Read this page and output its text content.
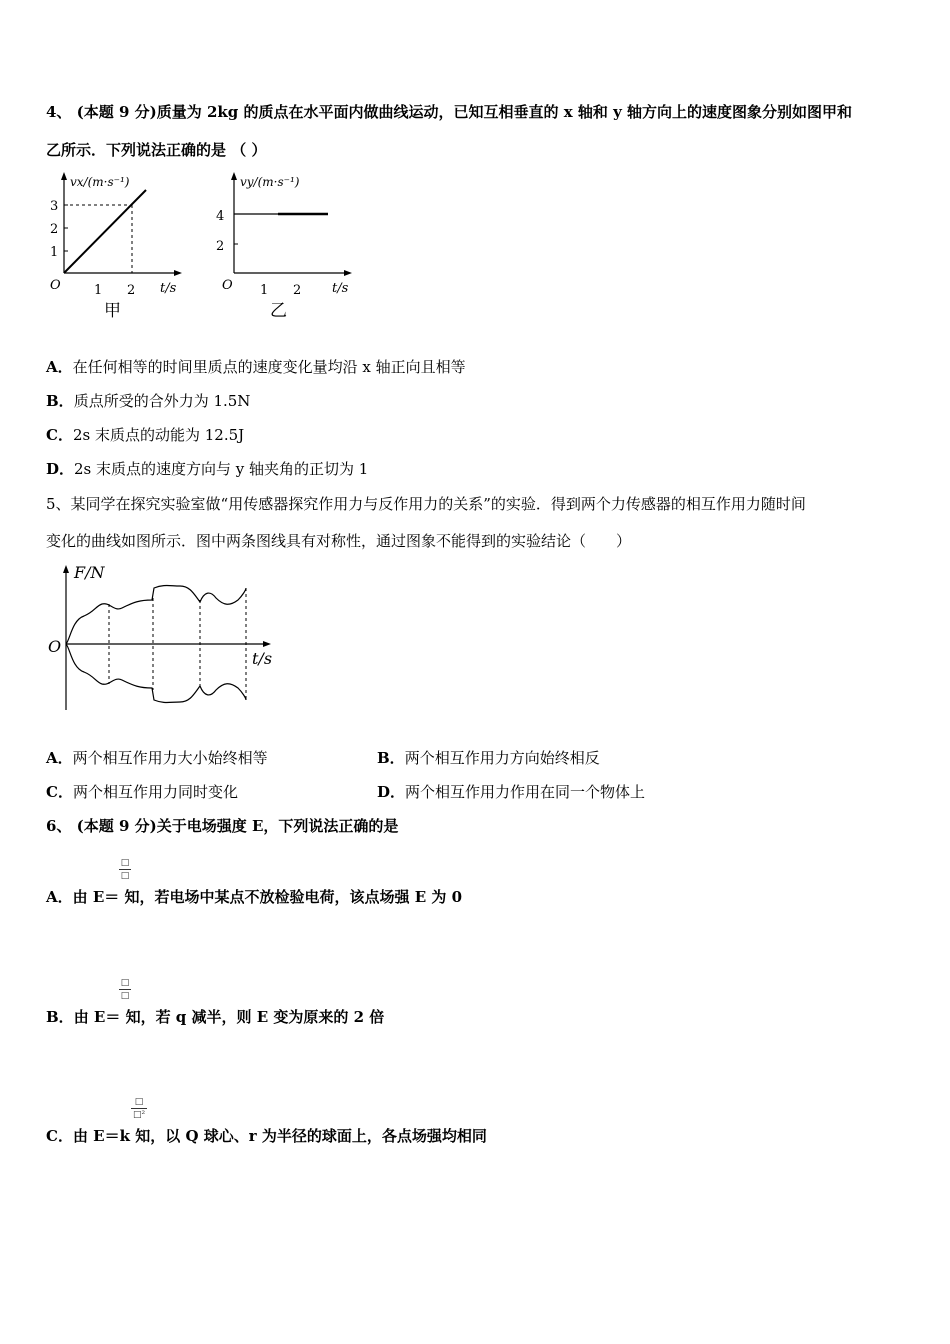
4、 (本题 9 分)质量为 2kg 的质点在水平面内做曲线运动，已知互相垂直的 x 轴和 y 轴方向上的速度图象分别如图甲和
乙所示．下列说法正确的是 （ ）
vx/(m·s⁻¹)
3
2
1
O	1 2 t/s
甲
vy/(m·s⁻¹)
4
2
O 1 2 t/s
乙
A．在任何相等的时间里质点的速度变化量均沿 x 轴正向且相等
B．质点所受的合外力为 1.5N
C．2s 末质点的动能为 12.5J
D．2s 末质点的速度方向与 y 轴夹角的正切为 1
5、某同学在探究实验室做“用传感器探究作用力与反作用力的关系”的实验．得到两个力传感器的相互作用力随时间
变化的曲线如图所示．图中两条图线具有对称性，通过图象不能得到的实验结论（　　）
F/N
O
t/s
A．两个相互作用力大小始终相等	B．两个相互作用力方向始终相反
C．两个相互作用力同时变化	D．两个相互作用力作用在同一个物体上
6、 (本题 9 分)关于电场强度 E，下列说法正确的是
□
□
A．由 E＝ 知，若电场中某点不放检验电荷，该点场强 E 为 0
□
□
B．由 E＝ 知，若 q 减半，则 E 变为原来的 2 倍
□
□²
C．由 E＝k 知，以 Q 球心、r 为半径的球面上，各点场强均相同
